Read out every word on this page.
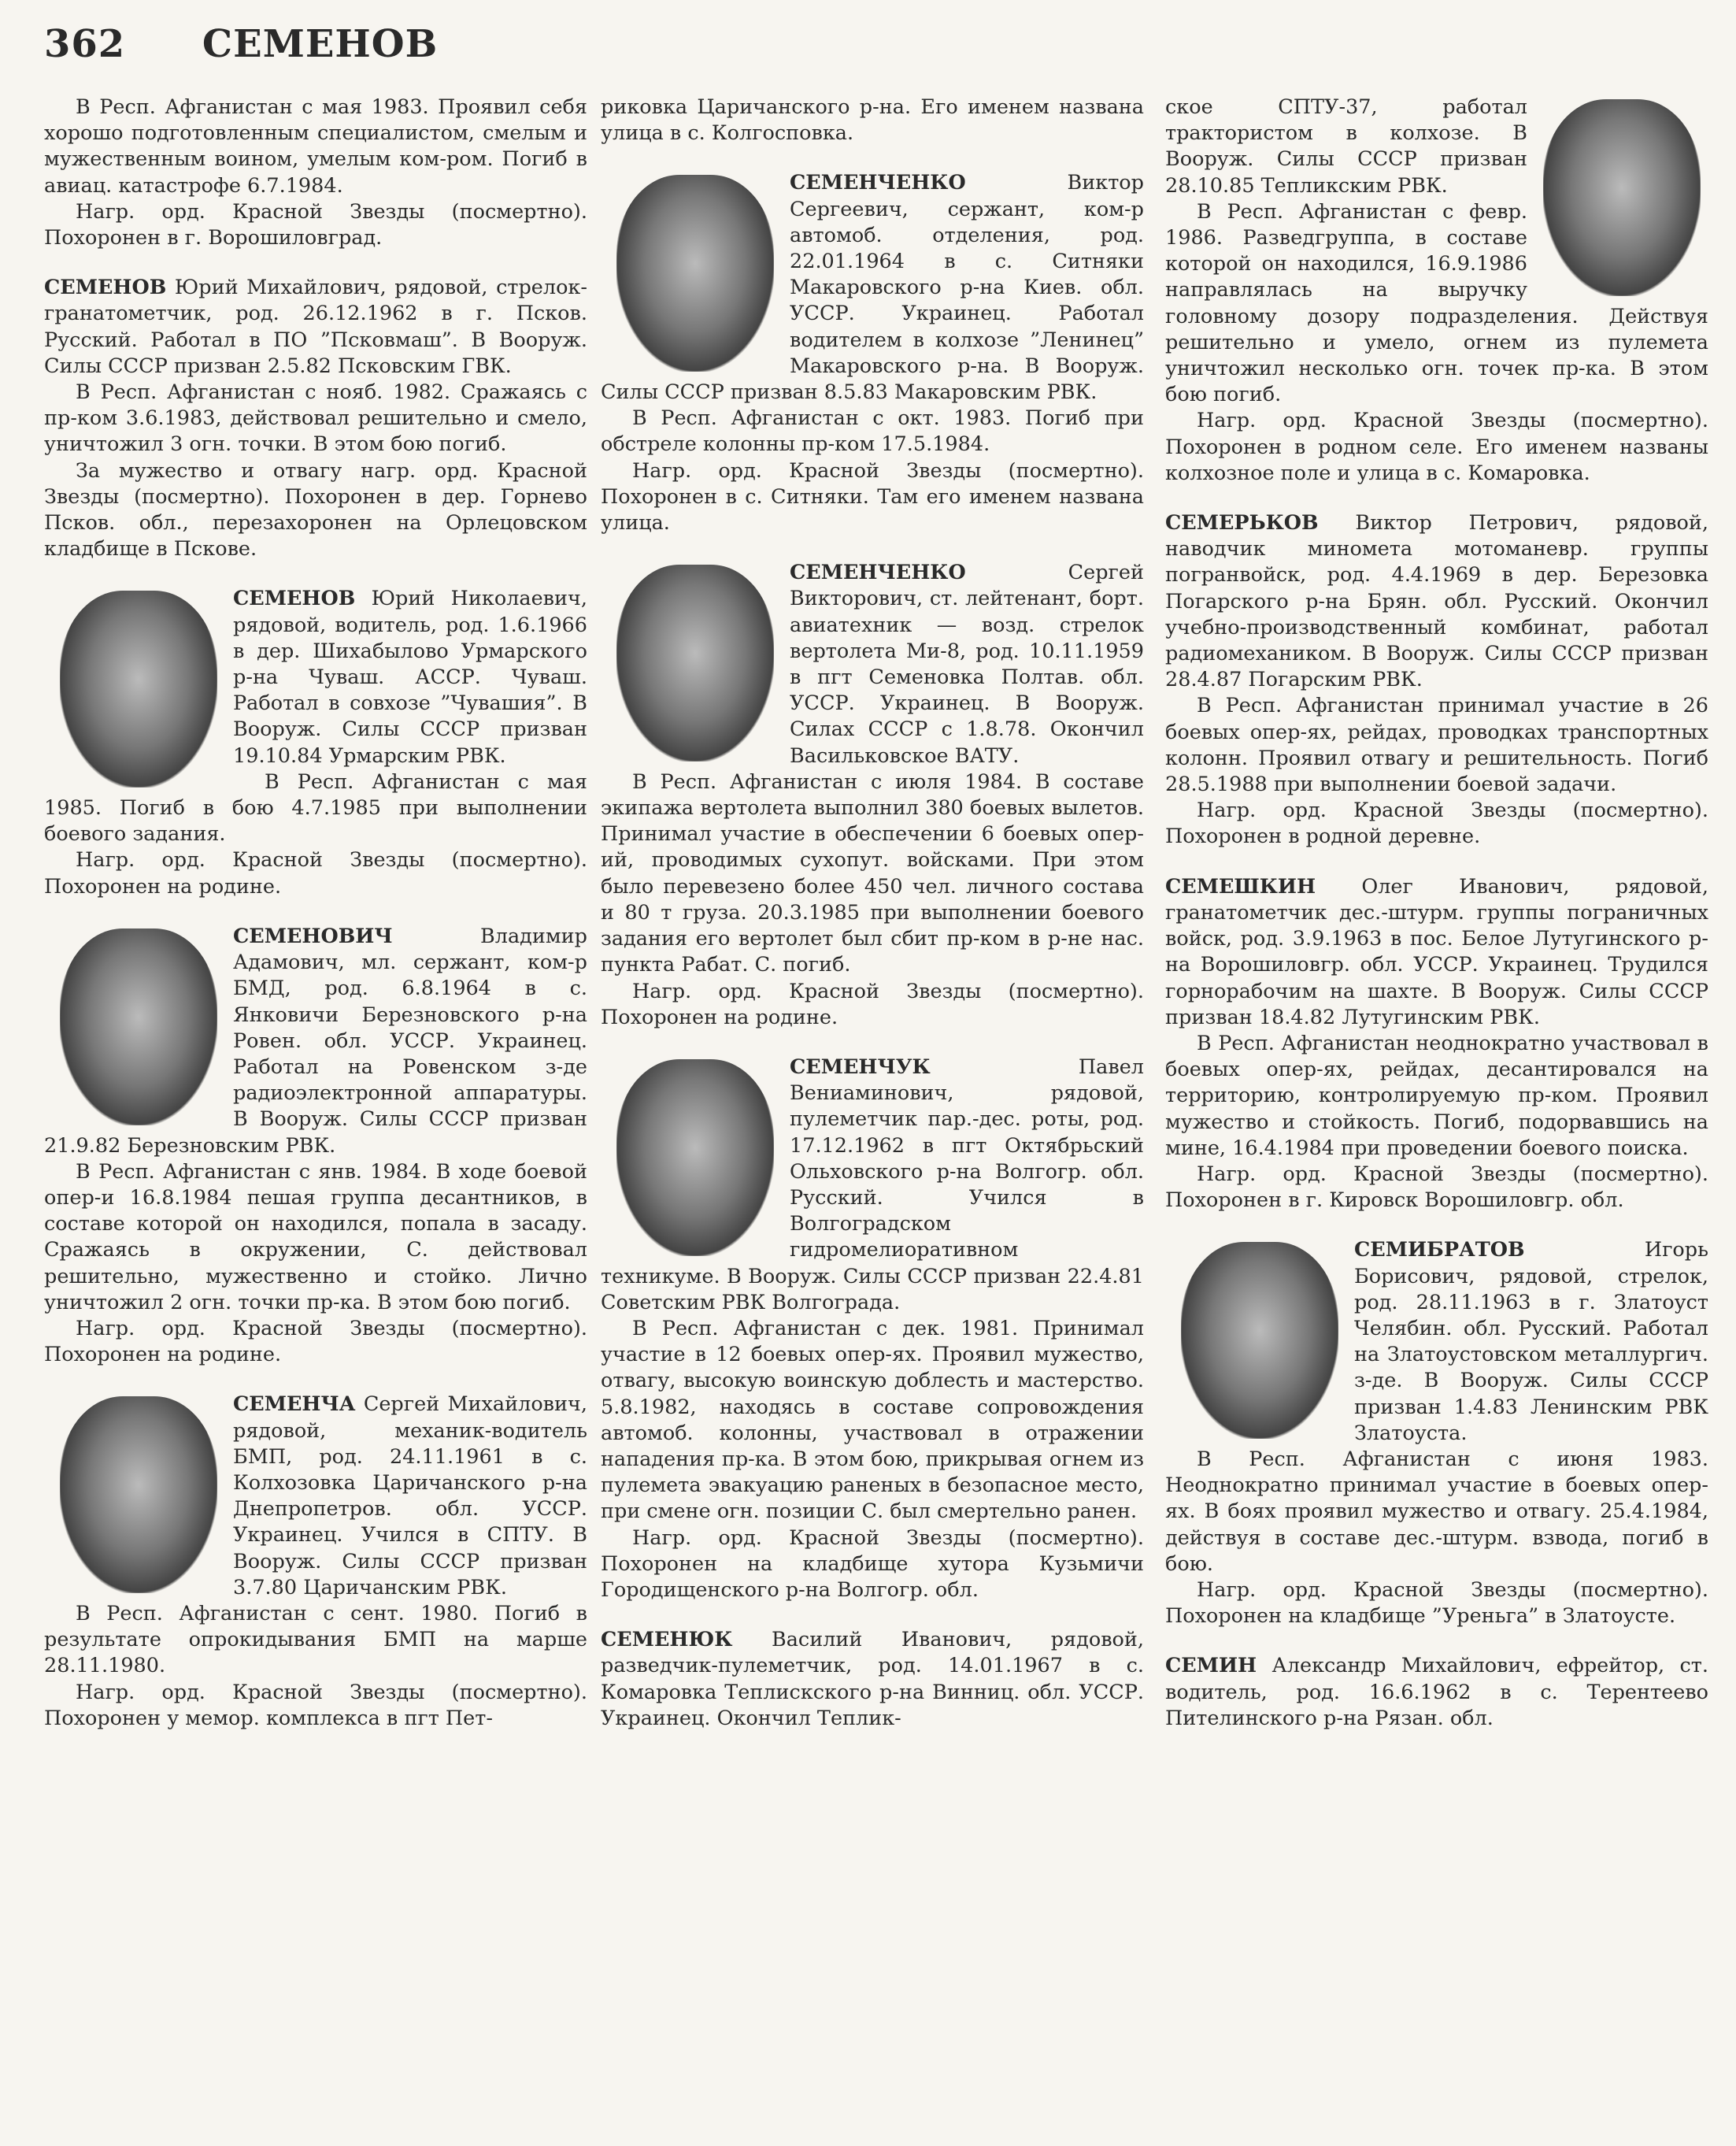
362 СЕМЕНОВ

В Респ. Афганистан с мая 1983. Проявил себя хорошо подготовленным специалистом, смелым и мужественным воином, умелым ком-ром. Погиб в авиац. катастрофе 6.7.1984.

Нагр. орд. Красной Звезды (посмертно). Похоронен в г. Ворошиловград.

СЕМЕНОВ Юрий Михайлович, рядовой, стрелок-гранатометчик, род. 26.12.1962 в г. Псков. Русский. Работал в ПО ”Псковмаш”. В Вооруж. Силы СССР призван 2.5.82 Псковским ГВК.

В Респ. Афганистан с нояб. 1982. Сражаясь с пр-ком 3.6.1983, действовал решительно и смело, уничтожил 3 огн. точки. В этом бою погиб.

За мужество и отвагу нагр. орд. Красной Звезды (посмертно). Похоронен в дер. Горнево Псков. обл., перезахоронен на Орлецовском кладбище в Пскове.

СЕМЕНОВ Юрий Николаевич, рядовой, водитель, род. 1.6.1966 в дер. Шихабылово Урмарского р-на Чуваш. АССР. Чуваш. Работал в совхозе ”Чувашия”. В Вооруж. Силы СССР призван 19.10.84 Урмарским РВК.

В Респ. Афганистан с мая 1985. Погиб в бою 4.7.1985 при выполнении боевого задания.

Нагр. орд. Красной Звезды (посмертно). Похоронен на родине.

СЕМЕНОВИЧ	Владимир Адамович, мл. сержант, ком-р БМД, род. 6.8.1964 в с. Янковичи Березновского р-на Ровен. обл. УССР. Украинец. Работал на Ровенском з-де радиоэлектронной аппаратуры. В Вооруж. Силы СССР призван 21.9.82 Березновским РВК.

В Респ. Афганистан с янв. 1984. В ходе боевой опер-и 16.8.1984 пешая группа десантников, в составе которой он находился, попала в засаду. Сражаясь в окружении, С. действовал решительно, мужественно и стойко. Лично уничтожил 2 огн. точки пр-ка. В этом бою погиб.

Нагр. орд. Красной Звезды (посмертно). Похоронен на родине.

СЕМЕНЧА Сергей Михайлович, рядовой, механик-водитель БМП, род. 24.11.1961 в с. Колхозовка Царичанского р-на Днепропетров. обл. УССР. Украинец. Учился в СПТУ. В Вооруж. Силы СССР призван 3.7.80 Царичанским РВК.

В Респ. Афганистан с сент. 1980. Погиб в результате опрокидывания БМП на марше 28.11.1980.

Нагр. орд. Красной Звезды (посмертно). Похоронен у мемор. комплекса в пгт Пет-

риковка Царичанского р-на. Его именем названа улица в с. Колгосповка.

СЕМЕНЧЕНКО	Виктор Сергеевич, сержант, ком-р автомоб. отделения, род. 22.01.1964 в с. Ситняки Макаровского р-на Киев. обл. УССР. Украинец. Работал водителем в колхозе ”Ленинец” Макаровского р-на. В Вооруж. Силы СССР призван 8.5.83 Макаровским РВК.

В Респ. Афганистан с окт. 1983. Погиб при обстреле колонны пр-ком 17.5.1984.

Нагр. орд. Красной Звезды (посмертно). Похоронен в с. Ситняки. Там его именем названа улица.

СЕМЕНЧЕНКО	Сергей Викторович, ст. лейтенант, борт. авиатехник — возд. стрелок вертолета Ми-8, род. 10.11.1959 в пгт Семеновка Полтав. обл. УССР. Украинец. В Вооруж. Силах СССР с 1.8.78. Окончил Васильковское ВАТУ.

В Респ. Афганистан с июля 1984. В составе экипажа вертолета выполнил 380 боевых вылетов. Принимал участие в обеспечении 6 боевых опер-ий, проводимых сухопут. войсками. При этом было перевезено более 450 чел. личного состава и 80 т груза. 20.3.1985 при выполнении боевого задания его вертолет был сбит пр-ком в р-не нас. пункта Рабат. С. погиб.

Нагр. орд. Красной Звезды (посмертно). Похоронен на родине.

СЕМЕНЧУК	Павел Вениаминович, рядовой, пулеметчик пар.-дес. роты, род. 17.12.1962 в пгт Октябрьский Ольховского р-на Волгогр. обл. Русский. Учился в Волгоградском гидромелиоративном техникуме. В Вооруж. Силы СССР призван 22.4.81 Советским РВК Волгограда.

В Респ. Афганистан с дек. 1981. Принимал участие в 12 боевых опер-ях. Проявил мужество, отвагу, высокую воинскую доблесть и мастерство. 5.8.1982, находясь в составе сопровождения автомоб. колонны, участвовал в отражении нападения пр-ка. В этом бою, прикрывая огнем из пулемета эвакуацию раненых в безопасное место, при смене огн. позиции С. был смертельно ранен.

Нагр. орд. Красной Звезды (посмертно). Похоронен на кладбище хутора Кузьмичи Городищенского р-на Волгогр. обл.

СЕМЕНЮК Василий Иванович, рядовой, разведчик-пулеметчик, род. 14.01.1967 в с. Комаровка Теплискского р-на Винниц. обл. УССР. Украинец. Окончил Теплик-

ское СПТУ-37, работал трактористом в колхозе. В Вооруж. Силы СССР призван 28.10.85 Тепликским РВК.

В Респ. Афганистан с февр. 1986. Разведгруппа, в составе которой он находился, 16.9.1986 направлялась на выручку головному дозору подразделения. Действуя решительно и умело, огнем из пулемета уничтожил несколько огн. точек пр-ка. В этом бою погиб.

Нагр. орд. Красной Звезды (посмертно). Похоронен в родном селе. Его именем названы колхозное поле и улица в с. Комаровка.

СЕМЕРЬКОВ Виктор Петрович, рядовой, наводчик миномета мотоманевр. группы погранвойск, род. 4.4.1969 в дер. Березовка Погарского р-на Брян. обл. Русский. Окончил учебно-производственный комбинат, работал радиомехаником. В Вооруж. Силы СССР призван 28.4.87 Погарским РВК.

В Респ. Афганистан принимал участие в 26 боевых опер-ях, рейдах, проводках транспортных колонн. Проявил отвагу и решительность. Погиб 28.5.1988 при выполнении боевой задачи.

Нагр. орд. Красной Звезды (посмертно). Похоронен в родной деревне.

СЕМЕШКИН Олег Иванович, рядовой, гранатометчик дес.-штурм. группы пограничных войск, род. 3.9.1963 в пос. Белое Лутугинского р-на Ворошиловгр. обл. УССР. Украинец. Трудился горнорабочим на шахте. В Вооруж. Силы СССР призван 18.4.82 Лутугинским РВК.

В Респ. Афганистан неоднократно участвовал в боевых опер-ях, рейдах, десантировался на территорию, контролируемую пр-ком. Проявил мужество и стойкость. Погиб, подорвавшись на мине, 16.4.1984 при проведении боевого поиска.

Нагр. орд. Красной Звезды (посмертно). Похоронен в г. Кировск Ворошиловгр. обл.

СЕМИБРАТОВ	Игорь Борисович, рядовой, стрелок, род. 28.11.1963 в г. Златоуст Челябин. обл. Русский. Работал на Златоустовском металлургич. з-де. В Вооруж. Силы СССР призван 1.4.83 Ленинским РВК Златоуста.

В Респ. Афганистан с июня 1983. Неоднократно принимал участие в боевых опер-ях. В боях проявил мужество и отвагу. 25.4.1984, действуя в составе дес.-штурм. взвода, погиб в бою.

Нагр. орд. Красной Звезды (посмертно). Похоронен на кладбище ”Уреньга” в Златоусте.

СЕМИН Александр Михайлович, ефрейтор, ст. водитель, род. 16.6.1962 в с. Терентеево Пителинского р-на Рязан. обл.
